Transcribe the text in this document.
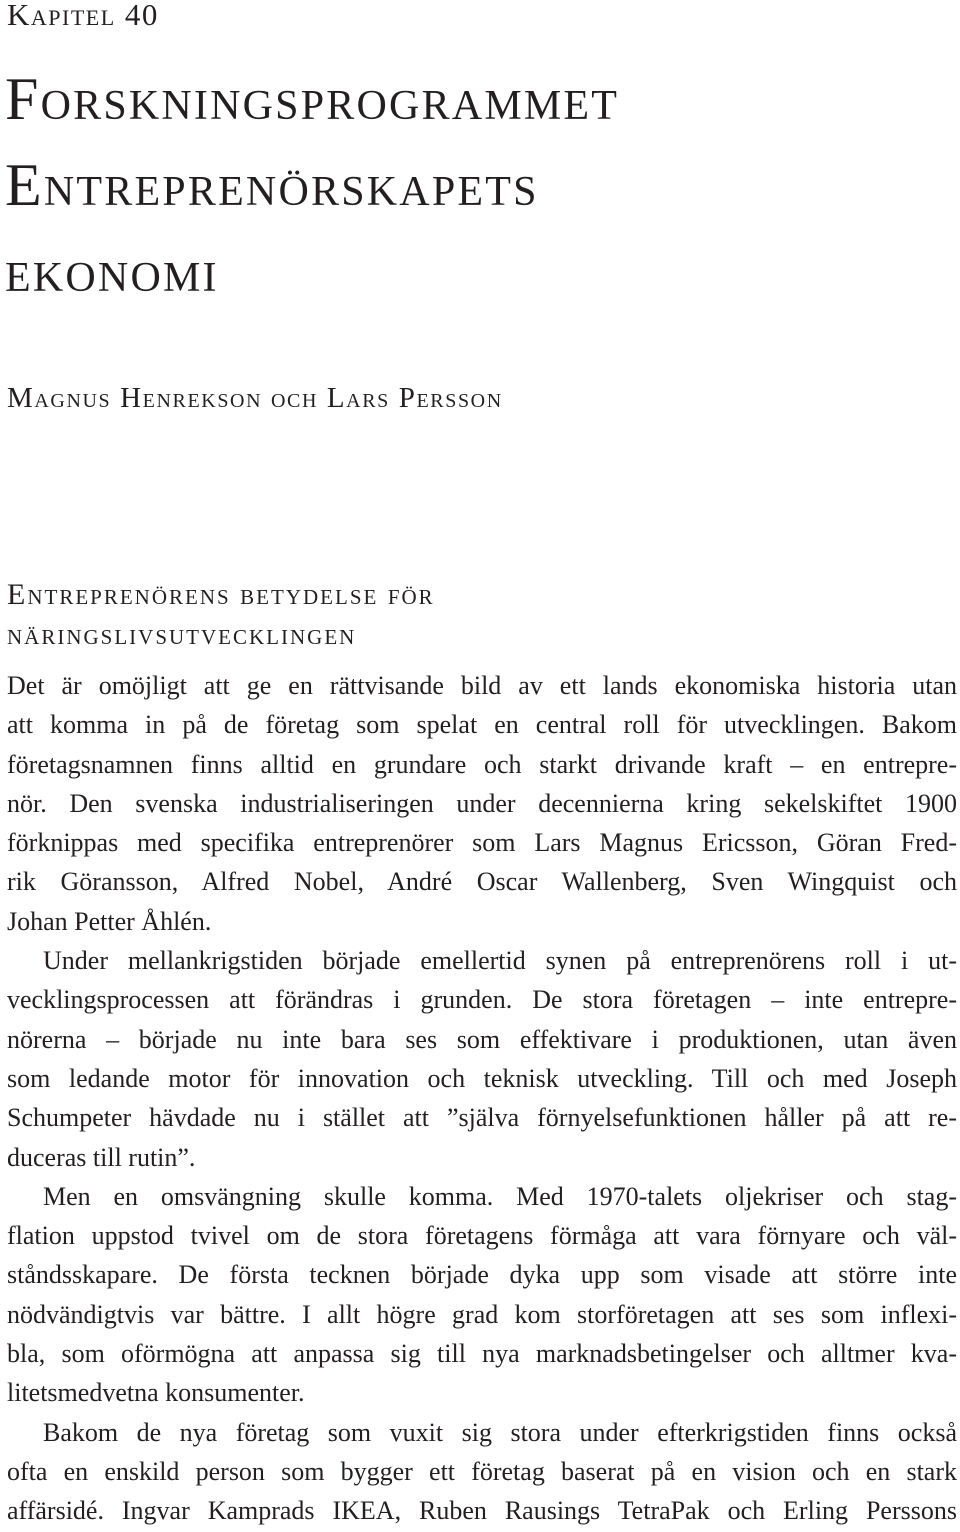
Kapitel 40
Forskningsprogrammet
Entreprenörskapets
ekonomi
Magnus Henrekson och Lars Persson
Entreprenörens betydelse för
näringslivsutvecklingen
Det är omöjligt att ge en rättvisande bild av ett lands ekonomiska historia utan
att komma in på de företag som spelat en central roll för utvecklingen. Bakom
företagsnamnen finns alltid en grundare och starkt drivande kraft – en entrepre-
nör. Den svenska industrialiseringen under decennierna kring sekelskiftet 1900
förknippas med specifika entreprenörer som Lars Magnus Ericsson, Göran Fred-
rik Göransson, Alfred Nobel, André Oscar Wallenberg, Sven Wingquist och
Johan Petter Åhlén.
Under mellankrigstiden började emellertid synen på entreprenörens roll i ut-
vecklingsprocessen att förändras i grunden. De stora företagen – inte entrepre-
nörerna – började nu inte bara ses som effektivare i produktionen, utan även
som ledande motor för innovation och teknisk utveckling. Till och med Joseph
Schumpeter hävdade nu i stället att ”själva förnyelsefunktionen håller på att re-
duceras till rutin”.
Men en omsvängning skulle komma. Med 1970-talets oljekriser och stag-
flation uppstod tvivel om de stora företagens förmåga att vara förnyare och väl-
ståndsskapare. De första tecknen började dyka upp som visade att större inte
nödvändigtvis var bättre. I allt högre grad kom storföretagen att ses som inflexi-
bla, som oförmögna att anpassa sig till nya marknadsbetingelser och alltmer kva-
litetsmedvetna konsumenter.
Bakom de nya företag som vuxit sig stora under efterkrigstiden finns också
ofta en enskild person som bygger ett företag baserat på en vision och en stark
affärsidé. Ingvar Kamprads IKEA, Ruben Rausings TetraPak och Erling Perssons
